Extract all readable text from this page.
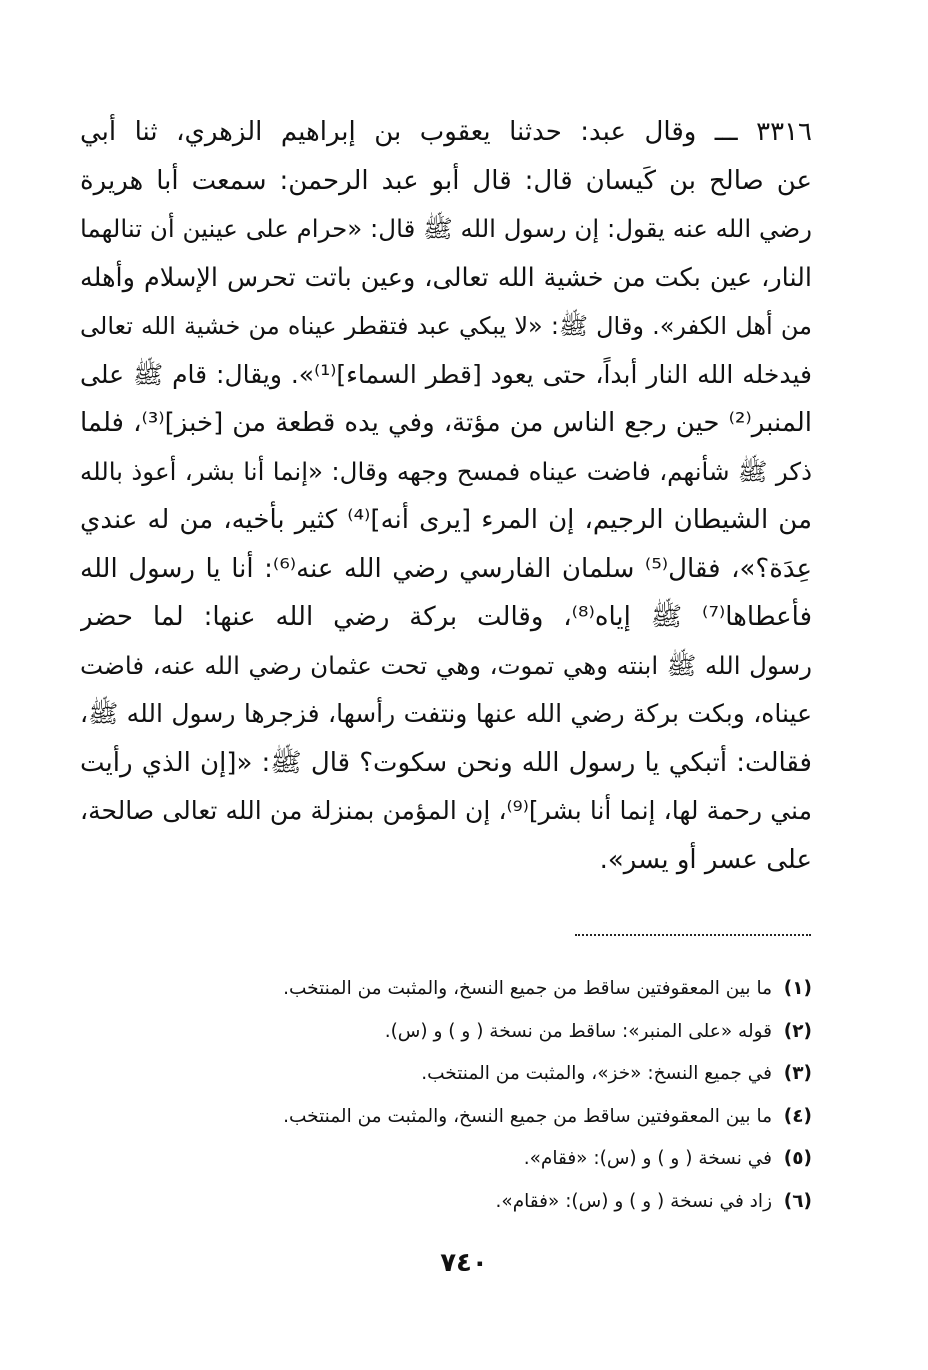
٣٣١٦ ـــ وقال عبد: حدثنا يعقوب بن إبراهيم الزهري، ثنا أبي
عن صالح بن كَيسان قال: قال أبو عبد الرحمن: سمعت أبا هريرة
رضي الله عنه يقول: إن رسول الله ﷺ قال: «حرام على عينين أن تنالهما
النار، عين بكت من خشية الله تعالى، وعين باتت تحرس الإسلام وأهله
من أهل الكفر». وقال ﷺ: «لا يبكي عبد فتقطر عيناه من خشية الله تعالى
فيدخله الله النار أبداً، حتى يعود [قطر السماء]⁽¹⁾». ويقال: قام ﷺ على
المنبر⁽²⁾ حين رجع الناس من مؤتة، وفي يده قطعة من [خبز]⁽³⁾، فلما
ذكر ﷺ شأنهم، فاضت عيناه فمسح وجهه وقال: «إنما أنا بشر، أعوذ بالله
من الشيطان الرجيم، إن المرء [يرى أنه]⁽⁴⁾ كثير بأخيه، من له عندي
عِدَة؟»، فقال⁽⁵⁾ سلمان الفارسي رضي الله عنه⁽⁶⁾: أنا يا رسول الله
فأعطاها⁽⁷⁾ ﷺ إياه⁽⁸⁾، وقالت بركة رضي الله عنها: لما حضر
رسول الله ﷺ ابنته وهي تموت، وهي تحت عثمان رضي الله عنه، فاضت
عيناه، وبكت بركة رضي الله عنها ونتفت رأسها، فزجرها رسول الله ﷺ،
فقالت: أتبكي يا رسول الله ونحن سكوت؟ قال ﷺ: «[إن الذي رأيت
مني رحمة لها، إنما أنا بشر]⁽⁹⁾، إن المؤمن بمنزلة من الله تعالى صالحة،
على عسر أو يسر».
(١)ما بين المعقوفتين ساقط من جميع النسخ، والمثبت من المنتخب.
(٢)قوله «على المنبر»: ساقط من نسخة ( و ) و (س).
(٣)في جميع النسخ: «خز»، والمثبت من المنتخب.
(٤)ما بين المعقوفتين ساقط من جميع النسخ، والمثبت من المنتخب.
(٥)في نسخة ( و ) و (س): «فقام».
(٦)زاد في نسخة ( و ) و (س): «فقام».
٧٤٠
